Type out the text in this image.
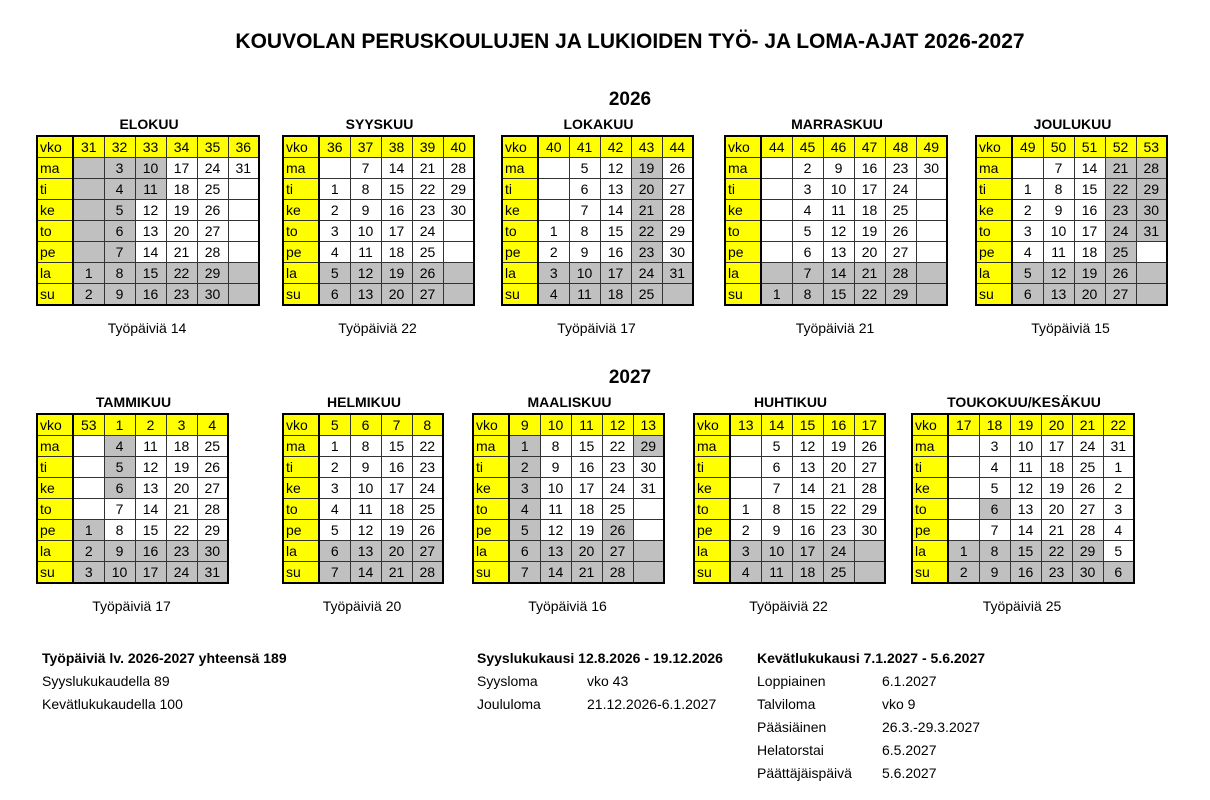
KOUVOLAN PERUSKOULUJEN JA LUKIOIDEN TYÖ- JA LOMA-AJAT 2026-2027
2026
2027
ELOKUU
vko	31	32	33	34	35	36
ma		3	10	17	24	31
ti		4	11	18	25	
ke		5	12	19	26	
to		6	13	20	27	
pe		7	14	21	28	
la	1	8	15	22	29	
su	2	9	16	23	30	
Työpäiviä 14
SYYSKUU
vko	36	37	38	39	40
ma		7	14	21	28
ti	1	8	15	22	29
ke	2	9	16	23	30
to	3	10	17	24	
pe	4	11	18	25	
la	5	12	19	26	
su	6	13	20	27	
Työpäiviä 22
LOKAKUU
vko	40	41	42	43	44
ma		5	12	19	26
ti		6	13	20	27
ke		7	14	21	28
to	1	8	15	22	29
pe	2	9	16	23	30
la	3	10	17	24	31
su	4	11	18	25	
Työpäiviä 17
MARRASKUU
vko	44	45	46	47	48	49
ma		2	9	16	23	30
ti		3	10	17	24	
ke		4	11	18	25	
to		5	12	19	26	
pe		6	13	20	27	
la		7	14	21	28	
su	1	8	15	22	29	
Työpäiviä 21
JOULUKUU
vko	49	50	51	52	53
ma		7	14	21	28
ti	1	8	15	22	29
ke	2	9	16	23	30
to	3	10	17	24	31
pe	4	11	18	25	
la	5	12	19	26	
su	6	13	20	27	
Työpäiviä 15
TAMMIKUU
vko	53	1	2	3	4
ma		4	11	18	25
ti		5	12	19	26
ke		6	13	20	27
to		7	14	21	28
pe	1	8	15	22	29
la	2	9	16	23	30
su	3	10	17	24	31
Työpäiviä 17
HELMIKUU
vko	5	6	7	8
ma	1	8	15	22
ti	2	9	16	23
ke	3	10	17	24
to	4	11	18	25
pe	5	12	19	26
la	6	13	20	27
su	7	14	21	28
Työpäiviä 20
MAALISKUU
vko	9	10	11	12	13
ma	1	8	15	22	29
ti	2	9	16	23	30
ke	3	10	17	24	31
to	4	11	18	25	
pe	5	12	19	26	
la	6	13	20	27	
su	7	14	21	28	
Työpäiviä 16
HUHTIKUU
vko	13	14	15	16	17
ma		5	12	19	26
ti		6	13	20	27
ke		7	14	21	28
to	1	8	15	22	29
pe	2	9	16	23	30
la	3	10	17	24	
su	4	11	18	25	
Työpäiviä 22
TOUKOKUU/KESÄKUU
vko	17	18	19	20	21	22
ma		3	10	17	24	31
ti		4	11	18	25	1
ke		5	12	19	26	2
to		6	13	20	27	3
pe		7	14	21	28	4
la	1	8	15	22	29	5
su	2	9	16	23	30	6
Työpäiviä 25
Työpäiviä lv. 2026-2027 yhteensä 189
Syyslukukaudella 89
Kevätlukukaudella 100
Syyslukukausi 12.8.2026 - 19.12.2026
Syysloma	vko 43
Joululoma	21.12.2026-6.1.2027
Kevätlukukausi 7.1.2027 - 5.6.2027
Loppiainen	6.1.2027
Talviloma	vko 9
Pääsiäinen	26.3.-29.3.2027
Helatorstai	6.5.2027
Päättäjäispäivä	5.6.2027
